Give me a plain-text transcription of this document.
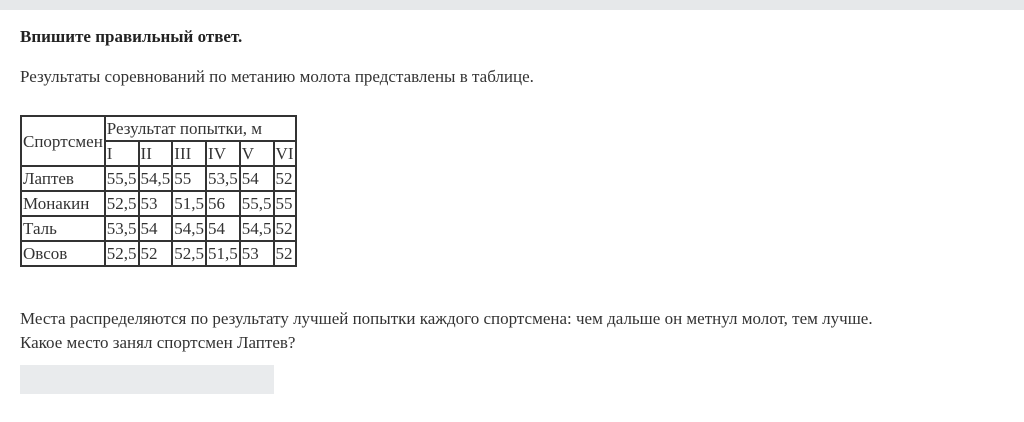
Впишите правильный ответ.
Результаты соревнований по метанию молота представлены в таблице.
Спортсмен	Результат попытки, м					
	I	II	III	IV	V	VI
Лаптев	55,5	54,5	55	53,5	54	52
Монакин	52,5	53	51,5	56	55,5	55
Таль	53,5	54	54,5	54	54,5	52
Овсов	52,5	52	52,5	51,5	53	52
Места распределяются по результату лучшей попытки каждого спортсмена: чем дальше он метнул молот, тем лучше.
Какое место занял спортсмен Лаптев?
